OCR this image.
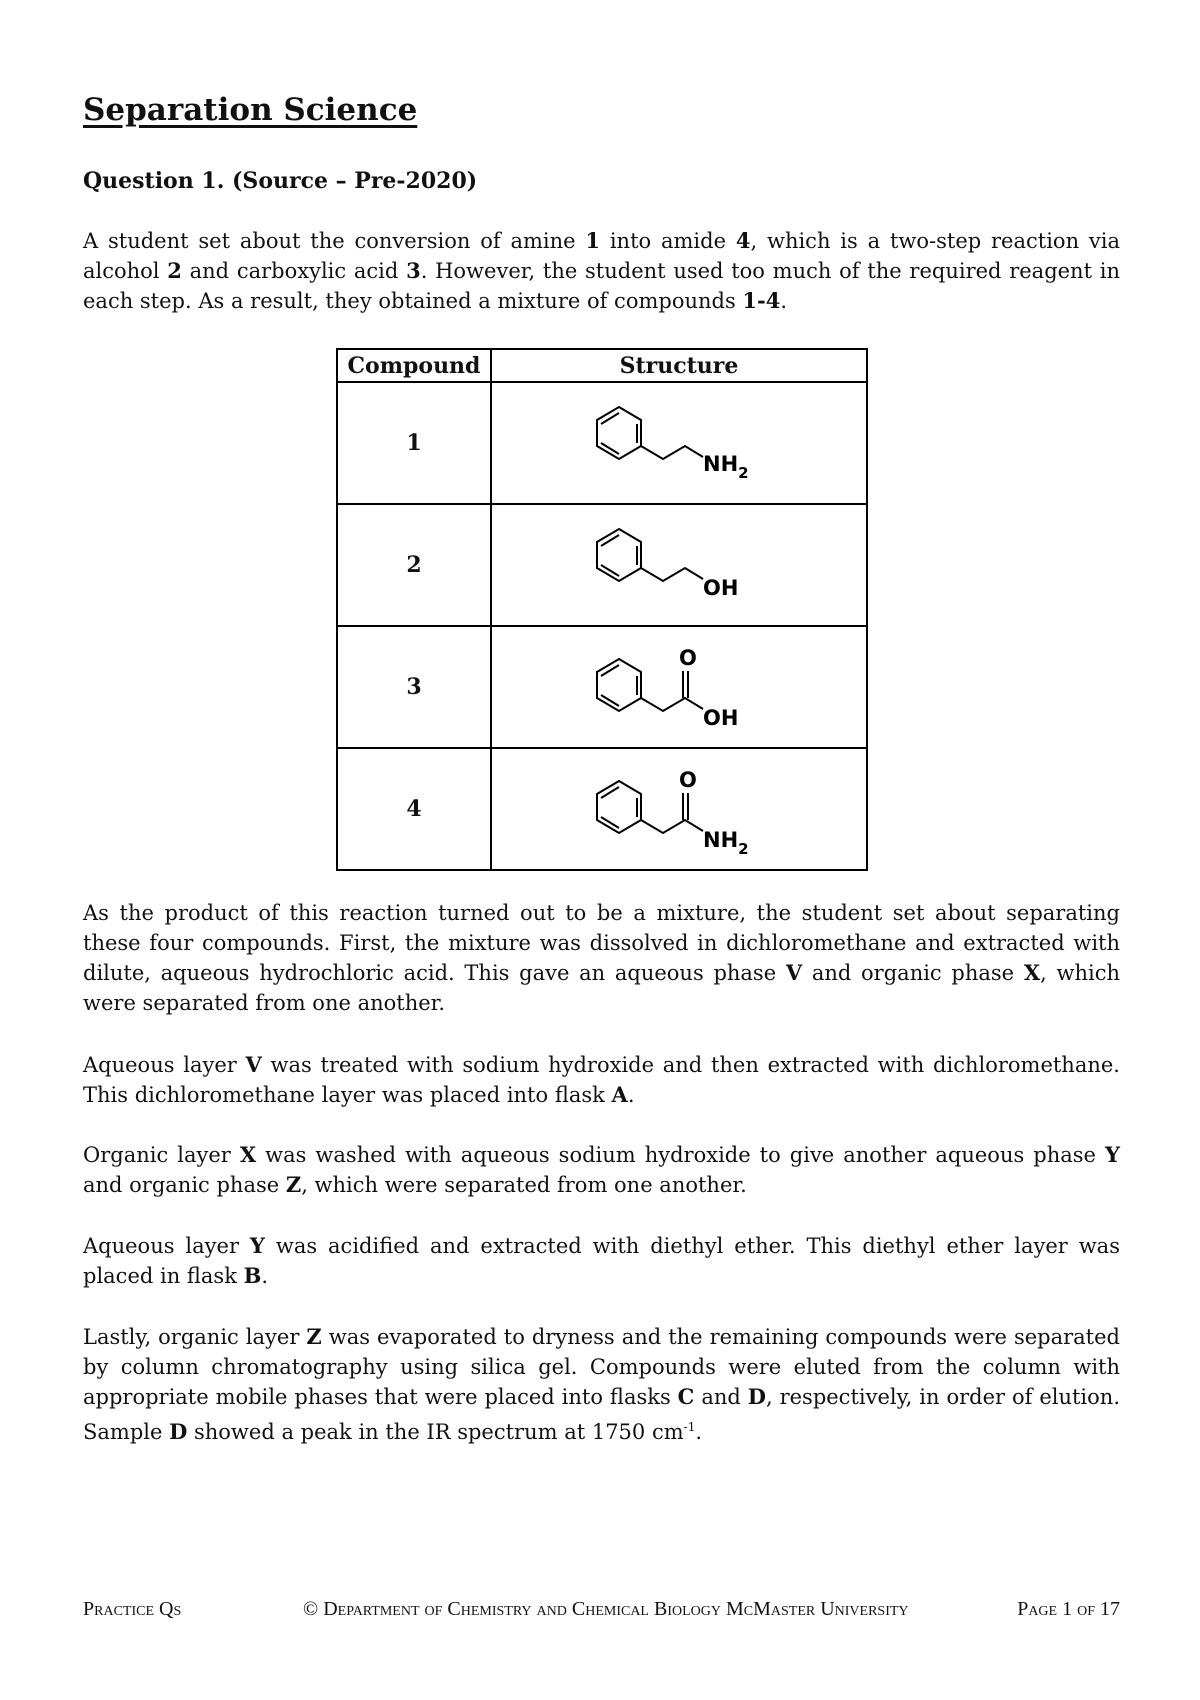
Separation Science
Question 1. (Source – Pre-2020)

A student set about the conversion of amine 1 into amide 4, which is a two-step reaction via alcohol 2 and carboxylic acid 3. However, the student used too much of the required reagent in each step. As a result, they obtained a mixture of compounds 1-4.

Compound	Structure
1	$NH_2$

2	OH

3	O
OH

4	O
$NH_2$

As the product of this reaction turned out to be a mixture, the student set about separating these four compounds. First, the mixture was dissolved in dichloromethane and extracted with dilute, aqueous hydrochloric acid. This gave an aqueous phase V and organic phase X, which were separated from one another.

Aqueous layer V was treated with sodium hydroxide and then extracted with dichloromethane. This dichloromethane layer was placed into flask A.

Organic layer X was washed with aqueous sodium hydroxide to give another aqueous phase Y and organic phase Z, which were separated from one another.

Aqueous layer Y was acidified and extracted with diethyl ether. This diethyl ether layer was placed in flask B.

Lastly, organic layer Z was evaporated to dryness and the remaining compounds were separated by column chromatography using silica gel. Compounds were eluted from the column with appropriate mobile phases that were placed into flasks C and D, respectively, in order of elution. Sample D showed a peak in the IR spectrum at 1750 $cm^{-1}$.

Practice Qs	© Department of Chemistry and Chemical Biology McMaster University	Page 1 of 17
